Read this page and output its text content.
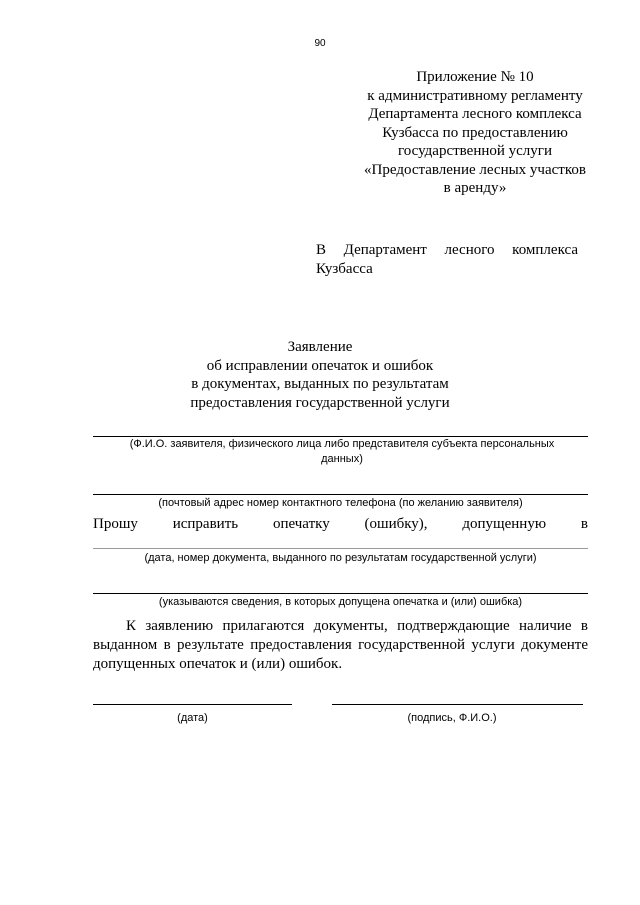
90
Приложение № 10
к административному регламенту
Департамента лесного комплекса
Кузбасса по предоставлению
государственной услуги
«Предоставление лесных участков
в аренду»
В Департамент лесного комплекса
Кузбасса
Заявление
об исправлении опечаток и ошибок
в документах, выданных по результатам
предоставления государственной услуги
(Ф.И.О. заявителя, физического лица либо представителя субъекта персональных данных)
(почтовый адрес номер контактного телефона (по желанию заявителя)
Прошу исправить опечатку (ошибку), допущенную в
(дата, номер документа, выданного по результатам государственной услуги)
(указываются сведения, в которых допущена опечатка и (или) ошибка)
К заявлению прилагаются документы, подтверждающие наличие в выданном в результате предоставления государственной услуги документе допущенных опечаток и (или) ошибок.
(дата)	(подпись, Ф.И.О.)
